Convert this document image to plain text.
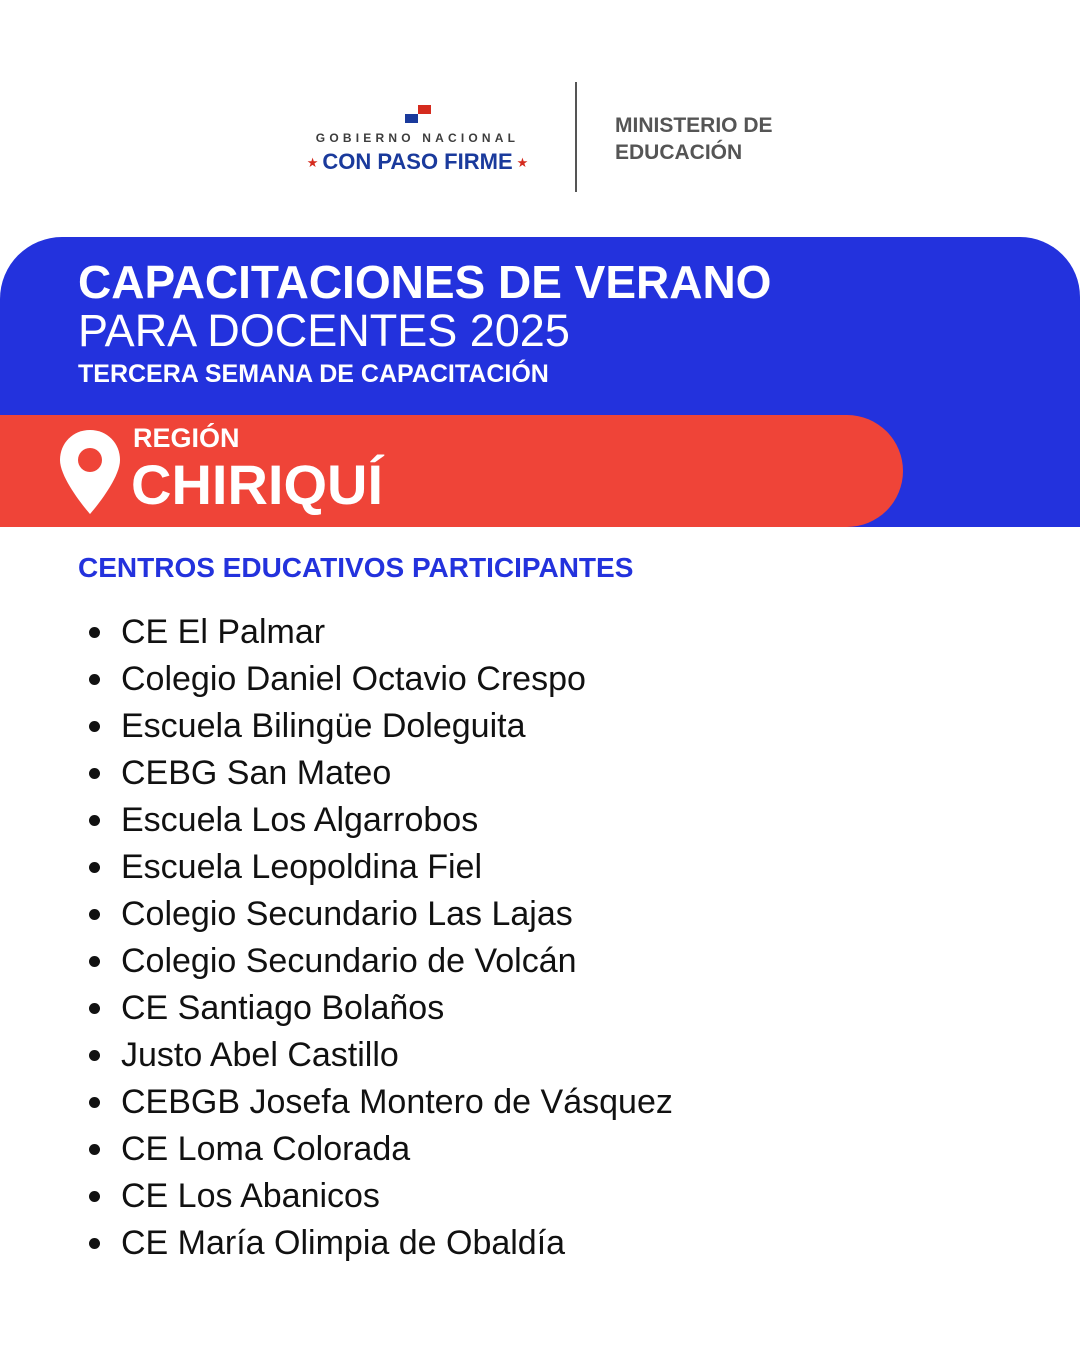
GOBIERNO NACIONAL
★ CON PASO FIRME ★
MINISTERIO DE
EDUCACIÓN
CAPACITACIONES DE VERANO
PARA DOCENTES 2025
TERCERA SEMANA DE CAPACITACIÓN
REGIÓN
CHIRIQUÍ
CENTROS EDUCATIVOS PARTICIPANTES
CE El Palmar
Colegio Daniel Octavio Crespo
Escuela Bilingüe Doleguita
CEBG San Mateo
Escuela Los Algarrobos
Escuela Leopoldina Fiel
Colegio Secundario Las Lajas
Colegio Secundario de Volcán
CE Santiago Bolaños
Justo Abel Castillo
CEBGB Josefa Montero de Vásquez
CE Loma Colorada
CE Los Abanicos
CE María Olimpia de Obaldía
